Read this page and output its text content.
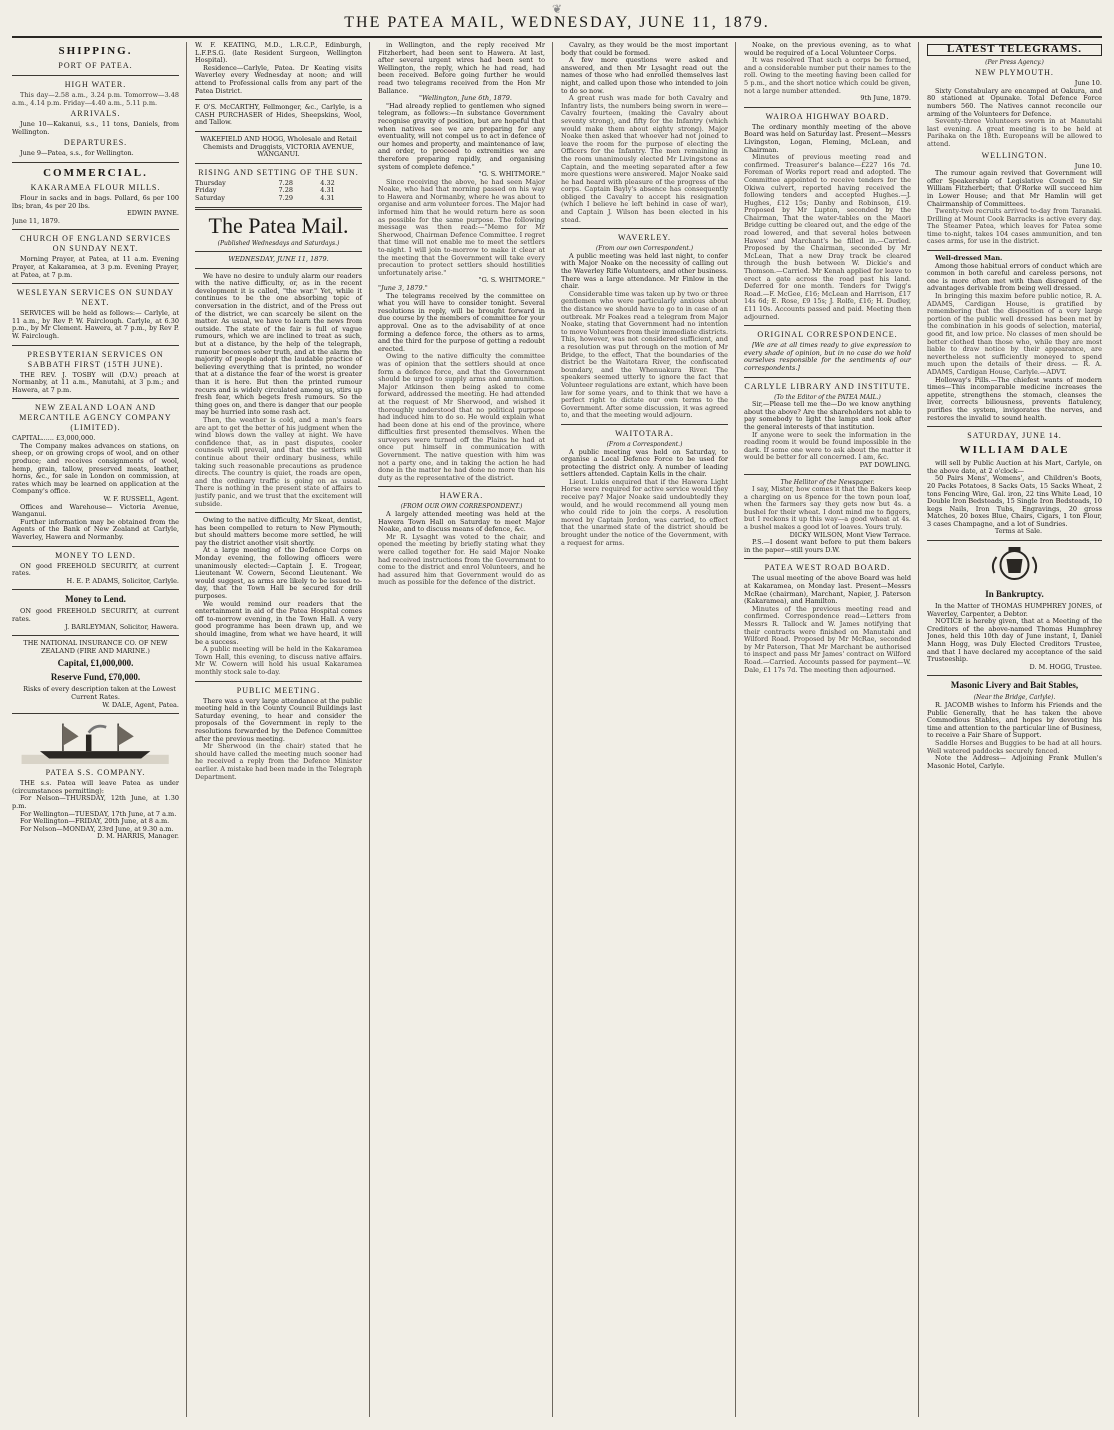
❦
THE PATEA MAIL, WEDNESDAY, JUNE 11, 1879.
SHIPPING.
PORT OF PATEA.
HIGH WATER.

This day—2.58 a.m., 3.24 p.m. Tomorrow—3.48 a.m., 4.14 p.m. Friday—4.40 a.m., 5.11 p.m.

ARRIVALS.

June 10—Kakanui, s.s., 11 tons, Daniels, from Wellington.

DEPARTURES.

June 9—Patea, s.s., for Wellington.

COMMERCIAL.
KAKARAMEA FLOUR MILLS.

Flour in sacks and in bags. Pollard, 6s per 100 lbs; bran, 4s per 20 lbs.

EDWIN PAYNE.

June 11, 1879.

CHURCH OF ENGLAND SERVICES ON SUNDAY NEXT.

Morning Prayer, at Patea, at 11 a.m. Evening Prayer, at Kakaramea, at 3 p.m. Evening Prayer, at Patea, at 7 p.m.

WESLEYAN SERVICES ON SUNDAY NEXT.

SERVICES will be held as follows:— Carlyle, at 11 a.m., by Rev P. W. Fairclough. Carlyle, at 6.30 p.m., by Mr Clement. Hawera, at 7 p.m., by Rev P. W. Fairclough.

PRESBYTERIAN SERVICES ON SABBATH FIRST (15TH JUNE).

THE REV. J. TOSBY will (D.V.) preach at Normanby, at 11 a.m., Manutahi, at 3 p.m.; and Hawera, at 7 p.m.

NEW ZEALAND LOAN AND MERCANTILE AGENCY COMPANY (LIMITED).

CAPITAL...... £3,000,000.

The Company makes advances on stations, on sheep, or on growing crops of wool, and on other produce; and receives consignments of wool, hemp, grain, tallow, preserved meats, leather, horns, &c., for sale in London on commission, at rates which may be learned on application at the Company's office.

W. F. RUSSELL, Agent.

Offices and Warehouse— Victoria Avenue, Wanganui.

Further information may be obtained from the Agents of the Bank of New Zealand at Carlyle, Waverley, Hawera and Normanby.

MONEY TO LEND.

ON good FREEHOLD SECURITY, at current rates.

H. E. P. ADAMS, Solicitor, Carlyle.

Money to Lend.

ON good FREEHOLD SECURITY, at current rates.

J. BARLEYMAN, Solicitor, Hawera.

THE NATIONAL INSURANCE CO. OF NEW ZEALAND (FIRE AND MARINE.)

Capital, £1,000,000.
Reserve Fund, £70,000.

Risks of every description taken at the Lowest Current Rates.

W. DALE, Agent, Patea.

PATEA S.S. COMPANY.

THE s.s. Patea will leave Patea as under (circumstances permitting):

For Nelson—THURSDAY, 12th June, at 1.30 p.m.

For Wellington—TUESDAY, 17th June, at 7 a.m.

For Wellington—FRIDAY, 20th June, at 8 a.m.

For Nelson—MONDAY, 23rd June, at 9.30 a.m.

D. M. HARRIS, Manager.

W. F. KEATING, M.D., L.R.C.P., Edinburgh, L.F.P.S.G. (late Resident Surgeon, Wellington Hospital).

Residence—Carlyle, Patea. Dr Keating visits Waverley every Wednesday at noon; and will attend to Professional calls from any part of the Patea District.

F. O'S. McCARTHY, Fellmonger, &c., Carlyle, is a CASH PURCHASER of Hides, Sheepskins, Wool, and Tallow.

WAKEFIELD AND HOGG, Wholesale and Retail Chemists and Druggists, VICTORIA AVENUE, WANGANUI.

RISING AND SETTING OF THE SUN.
Thursday	7.28	4.32
Friday	7.28	4.31
Saturday	7.29	4.31
The Patea Mail.
(Published Wednesdays and Saturdays.)
WEDNESDAY, JUNE 11, 1879.

We have no desire to unduly alarm our readers with the native difficulty, or, as in the recent development it is called, "the war." Yet, while it continues to be the one absorbing topic of conversation in the district, and of the Press out of the district, we can scarcely be silent on the matter. As usual, we have to learn the news from outside. The state of the fair is full of vague rumours, which we are inclined to treat as such, but at a distance, by the help of the telegraph, rumour becomes sober truth, and at the alarm the majority of people adopt the laudable practice of believing everything that is printed, no wonder that at a distance the fear of the worst is greater than it is here. But then the printed rumour recurs and is widely circulated among us, stirs up fresh fear, which begets fresh rumours. So the thing goes on, and there is danger that our people may be hurried into some rash act.

Then, the weather is cold, and a man's fears are apt to get the better of his judgment when the wind blows down the valley at night. We have confidence that, as in past disputes, cooler counsels will prevail, and that the settlers will continue about their ordinary business, while taking such reasonable precautions as prudence directs. The country is quiet, the roads are open, and the ordinary traffic is going on as usual. There is nothing in the present state of affairs to justify panic, and we trust that the excitement will subside.

Owing to the native difficulty, Mr Skeat, dentist, has been compelled to return to New Plymouth; but should matters become more settled, he will pay the district another visit shortly.

At a large meeting of the Defence Corps on Monday evening, the following officers were unanimously elected:—Captain J. E. Trogear, Lieutenant W. Cowern, Second Lieutenant. We would suggest, as arms are likely to be issued to-day, that the Town Hall be secured for drill purposes.

We would remind our readers that the entertainment in aid of the Patea Hospital comes off to-morrow evening, in the Town Hall. A very good programme has been drawn up, and we should imagine, from what we have heard, it will be a success.

A public meeting will be held in the Kakaramea Town Hall, this evening, to discuss native affairs. Mr W. Cowern will hold his usual Kakaramea monthly stock sale to-day.

PUBLIC MEETING.

There was a very large attendance at the public meeting held in the County Council Buildings last Saturday evening, to hear and consider the proposals of the Government in reply to the resolutions forwarded by the Defence Committee after the previous meeting.

Mr Sherwood (in the chair) stated that he should have called the meeting much sooner had he received a reply from the Defence Minister earlier. A mistake had been made in the Telegraph Department.

in Wellington, and the reply received Mr Fitzherbert, had been sent to Hawera. At last, after several urgent wires had been sent to Wellington, the reply, which he had read, had been received. Before going further he would read two telegrams received from the Hon Mr Ballance.

"Wellington, June 6th, 1879.

"Had already replied to gentlemen who signed telegram, as follows:—In substance Government recognise gravity of position, but are hopeful that when natives see we are preparing for any eventuality, will not compel us to act in defence of our homes and property, and maintenance of law, and order, to proceed to extremities we are therefore preparing rapidly, and organising system of complete defence."

"G. S. WHITMORE."

Since receiving the above, he had seen Major Noake, who had that morning passed on his way to Hawera and Normanby, where he was about to organise and arm volunteer forces. The Major had informed him that he would return here as soon as possible for the same purpose. The following message was then read:—"Memo for Mr Sherwood, Chairman Defence Committee. I regret that time will not enable me to meet the settlers to-night. I will join to-morrow to make it clear at the meeting that the Government will take every precaution to protect settlers should hostilities unfortunately arise."

"G. S. WHITMORE."

"June 3, 1879."

The telegrams received by the committee on what you will have to consider tonight. Several resolutions in reply, will be brought forward in due course by the members of committee for your approval. One as to the advisability of at once forming a defence force, the others as to arms, and the third for the purpose of getting a redoubt erected.

Owing to the native difficulty the committee was of opinion that the settlers should at once form a defence force, and that the Government should be urged to supply arms and ammunition. Major Atkinson then being asked to come forward, addressed the meeting. He had attended at the request of Mr Sherwood, and wished it thoroughly understood that no political purpose had induced him to do so. He would explain what had been done at his end of the province, where difficulties first presented themselves. When the surveyors were turned off the Plains he had at once put himself in communication with Government. The native question with him was not a party one, and in taking the action he had done in the matter he had done no more than his duty as the representative of the district.

HAWERA.
(FROM OUR OWN CORRESPONDENT.)

A largely attended meeting was held at the Hawera Town Hall on Saturday to meet Major Noake, and to discuss means of defence, &c.

Mr R. Lysaght was voted to the chair, and opened the meeting by briefly stating what they were called together for. He said Major Noake had received instructions from the Government to come to the district and enrol Volunteers, and he had assured him that Government would do as much as possible for the defence of the district.

Cavalry, as they would be the most important body that could be formed.

A few more questions were asked and answered, and then Mr Lysaght read out the names of those who had enrolled themselves last night, and called upon those who intended to join to do so now.

A great rush was made for both Cavalry and Infantry lists, the numbers being sworn in were—Cavalry fourteen, (making the Cavalry about seventy strong), and fifty for the Infantry (which would make them about eighty strong). Major Noake then asked that whoever had not joined to leave the room for the purpose of electing the Officers for the Infantry. The men remaining in the room unanimously elected Mr Livingstone as Captain, and the meeting separated after a few more questions were answered. Major Noake said he had heard with pleasure of the progress of the corps. Captain Bayly's absence has consequently obliged the Cavalry to accept his resignation (which I believe he left behind in case of war), and Captain J. Wilson has been elected in his stead.

WAVERLEY.
(From our own Correspondent.)

A public meeting was held last night, to confer with Major Noake on the necessity of calling out the Waverley Rifle Volunteers, and other business. There was a large attendance. Mr Finlow in the chair.

Considerable time was taken up by two or three gentlemen who were particularly anxious about the distance we should have to go to in case of an outbreak. Mr Foakes read a telegram from Major Noake, stating that Government had no intention to move Volunteers from their immediate districts. This, however, was not considered sufficient, and a resolution was put through on the motion of Mr Bridge, to the effect, That the boundaries of the district be the Waitotara River, the confiscated boundary, and the Whenuakura River. The speakers seemed utterly to ignore the fact that Volunteer regulations are extant, which have been law for some years, and to think that we have a perfect right to dictate our own terms to the Government. After some discussion, it was agreed to, and that the meeting would adjourn.

WAITOTARA.
(From a Correspondent.)

A public meeting was held on Saturday, to organise a Local Defence Force to be used for protecting the district only. A number of leading settlers attended. Captain Kells in the chair.

Lieut. Lukis enquired that if the Hawera Light Horse were required for active service would they receive pay? Major Noake said undoubtedly they would, and he would recommend all young men who could ride to join the corps. A resolution moved by Captain Jordon, was carried, to effect that the unarmed state of the district should be brought under the notice of the Government, with a request for arms.

Noake, on the previous evening, as to what would be required of a Local Volunteer Corps.

It was resolved That such a corps be formed, and a considerable number put their names to the roll. Owing to the meeting having been called for 5 p.m., and the short notice which could be given, not a large number attended.

9th June, 1879.

WAIROA HIGHWAY BOARD.

The ordinary monthly meeting of the above Board was held on Saturday last. Present—Messrs Livingston, Logan, Fleming, McLean, and Chairman.

Minutes of previous meeting read and confirmed. Treasurer's balance—£227 16s 7d. Foreman of Works report read and adopted. The Committee appointed to receive tenders for the Okiwa culvert, reported having received the following tenders and accepted Hughes.—J. Hughes, £12 15s; Danby and Robinson, £19. Proposed by Mr Lupton, seconded by the Chairman, That the water-tables on the Maori Bridge cutting be cleared out, and the edge of the road lowered, and that several holes between Hawes' and Marchant's be filled in.—Carried. Proposed by the Chairman, seconded by Mr McLean, That a new Dray track be cleared through the bush between W. Dickie's and Thomson.—Carried. Mr Kenah applied for leave to erect a gate across the road past his land. Deferred for one month. Tenders for Twigg's Road.—F. McGee, £16; McLean and Harrison, £17 14s 6d; E. Rose, £9 15s; J. Rolfe, £16; H. Dudley, £11 10s. Accounts passed and paid. Meeting then adjourned.

ORIGINAL CORRESPONDENCE.

[We are at all times ready to give expression to every shade of opinion, but in no case do we hold ourselves responsible for the sentiments of our correspondents.]

CARLYLE LIBRARY AND INSTITUTE.
(To the Editor of the PATEA MAIL.)

Sir,—Please tell me the—Do we know anything about the above? Are the shareholders not able to pay somebody to light the lamps and look after the general interests of that institution.

If anyone were to seek the information in the reading room it would be found impossible in the dark. If some one were to ask about the matter it would be better for all concerned. I am, &c.

PAT DOWLING.

The Hellitor of the Newspaper.

I say, Mister, how comes it that the Bakers keep a charging on us 8pence for the town poun loaf, when the farmers say they gets now but 4s. a bushel for their wheat. I dont mind me to figgers, but I reckons it up this way—a good wheat at 4s. a bushel makes a good lot of loaves. Yours truly.

DICKY WILSON, Mont View Terrace.

P.S.—I dosent want before to put them bakers in the paper—still yours D.W.

PATEA WEST ROAD BOARD.

The usual meeting of the above Board was held at Kakaramea, on Monday last. Present—Messrs McRae (chairman), Marchant, Napier, J. Paterson (Kakaramea), and Hamilton.

Minutes of the previous meeting read and confirmed. Correspondence read—Letters from Messrs R. Tallock and W. James notifying that their contracts were finished on Manutahi and Wilford Road. Proposed by Mr McRae, seconded by Mr Paterson, That Mr Marchant be authorised to inspect and pass Mr James' contract on Wilford Road.—Carried. Accounts passed for payment—W. Dale, £1 17s 7d. The meeting then adjourned.

LATEST TELEGRAMS.
(Per Press Agency.)
NEW PLYMOUTH.

June 10.

Sixty Constabulary are encamped at Oakura, and 80 stationed at Opunake. Total Defence Force numbers 560. The Natives cannot reconcile our arming of the Volunteers for Defence.

Seventy-three Volunteers sworn in at Manutahi last evening. A great meeting is to be held at Parihaka on the 18th. Europeans will be allowed to attend.

WELLINGTON.

June 10.

The rumour again revived that Government will offer Speakership of Legislative Council to Sir William Fitzherbert; that O'Rorke will succeed him in Lower House; and that Mr Hamlin will get Chairmanship of Committees.

Twenty-two recruits arrived to-day from Taranaki. Drilling at Mount Cook Barracks is active every day. The Steamer Patea, which leaves for Patea some time to-night, takes 104 cases ammunition, and ten cases arms, for use in the district.

Well-dressed Man.

Among those habitual errors of conduct which are common in both careful and careless persons, not one is more often met with than disregard of the advantages derivable from being well dressed.

In bringing this maxim before public notice, R. A. ADAMS, Cardigan House, is gratified by remembering that the disposition of a very large portion of the public well dressed has been met by the combination in his goods of selection, material, good fit, and low price. No classes of men should be better clothed than those who, while they are most liable to draw notice by their appearance, are nevertheless not sufficiently moneyed to spend much upon the details of their dress. — R. A. ADAMS, Cardigan House, Carlyle.—ADVT.

Holloway's Pills.—The chiefest wants of modern times—This incomparable medicine increases the appetite, strengthens the stomach, cleanses the liver, corrects biliousness, prevents flatulency, purifies the system, invigorates the nerves, and restores the invalid to sound health.

SATURDAY, JUNE 14.
WILLIAM DALE

will sell by Public Auction at his Mart, Carlyle, on the above date, at 2 o'clock—

50 Pairs Mens', Womens', and Children's Boots, 20 Packs Potatoes, 8 Sacks Oats, 15 Sacks Wheat, 2 tons Fencing Wire, Gal. iron, 22 tins White Lead, 10 Double Iron Bedsteads, 15 Single Iron Bedsteads, 10 kegs Nails, Iron Tubs, Engravings, 20 gross Matches, 20 boxes Blue, Chairs, Cigars, 1 ton Flour, 3 cases Champagne, and a lot of Sundries.

Terms at Sale.

In Bankruptcy.

In the Matter of THOMAS HUMPHREY JONES, of Waverley, Carpenter, a Debtor.

NOTICE is hereby given, that at a Meeting of the Creditors of the above-named Thomas Humphrey Jones, held this 10th day of June instant, I, Daniel Mann Hogg, was Duly Elected Creditors Trustee, and that I have declared my acceptance of the said Trusteeship.

D. M. HOGG, Trustee.

Masonic Livery and Bait Stables,
(Near the Bridge, Carlyle).

R. JACOMB wishes to Inform his Friends and the Public Generally, that he has taken the above Commodious Stables, and hopes by devoting his time and attention to the particular line of Business, to receive a Fair Share of Support.

Saddle Horses and Buggies to be had at all hours. Well watered paddocks securely fenced.

Note the Address— Adjoining Frank Mullen's Masonic Hotel, Carlyle.
